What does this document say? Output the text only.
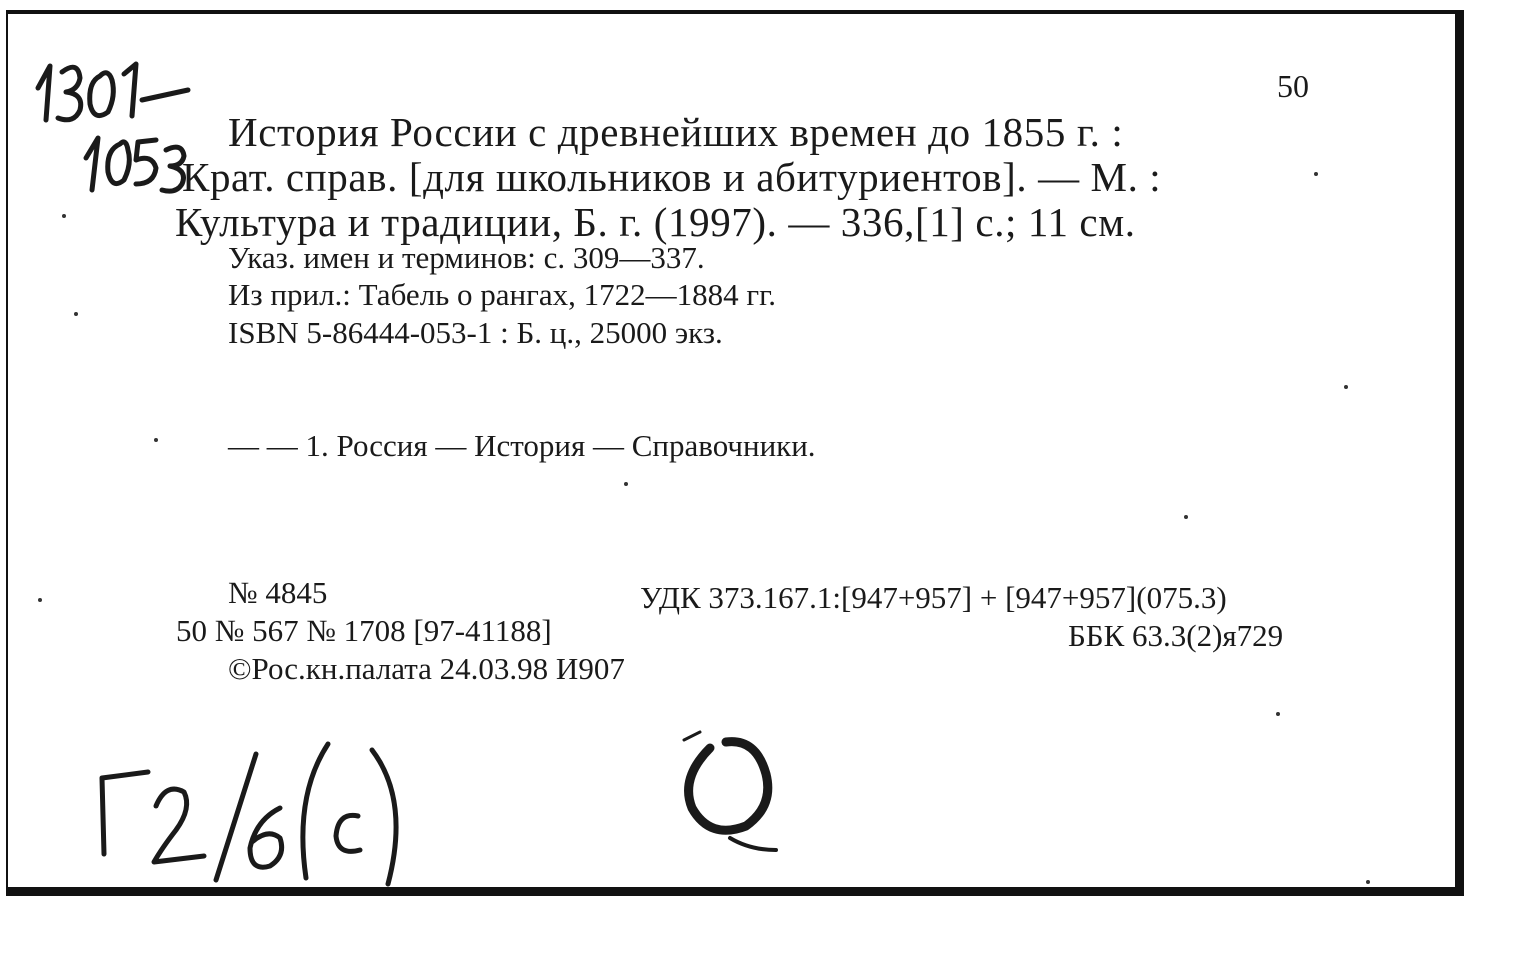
50

История России с древнейших времен до 1855 г. :

Крат. справ. [для школьников и абитуриентов]. — М. :

Культура и традиции, Б. г. (1997). — 336,[1] с.; 11 см.

Указ. имен и терминов: с. 309—337.

Из прил.: Табель о рангах, 1722—1884 гг.

ISBN 5-86444-053-1 : Б. ц., 25000 экз.

— — 1. Россия — История — Справочники.

№ 4845	УДК 373.167.1:[947+957] + [947+957](075.3)

50 № 567 № 1708 [97-41188]	ББК 63.3(2)я729

©Рос.кн.палата 24.03.98 И907
